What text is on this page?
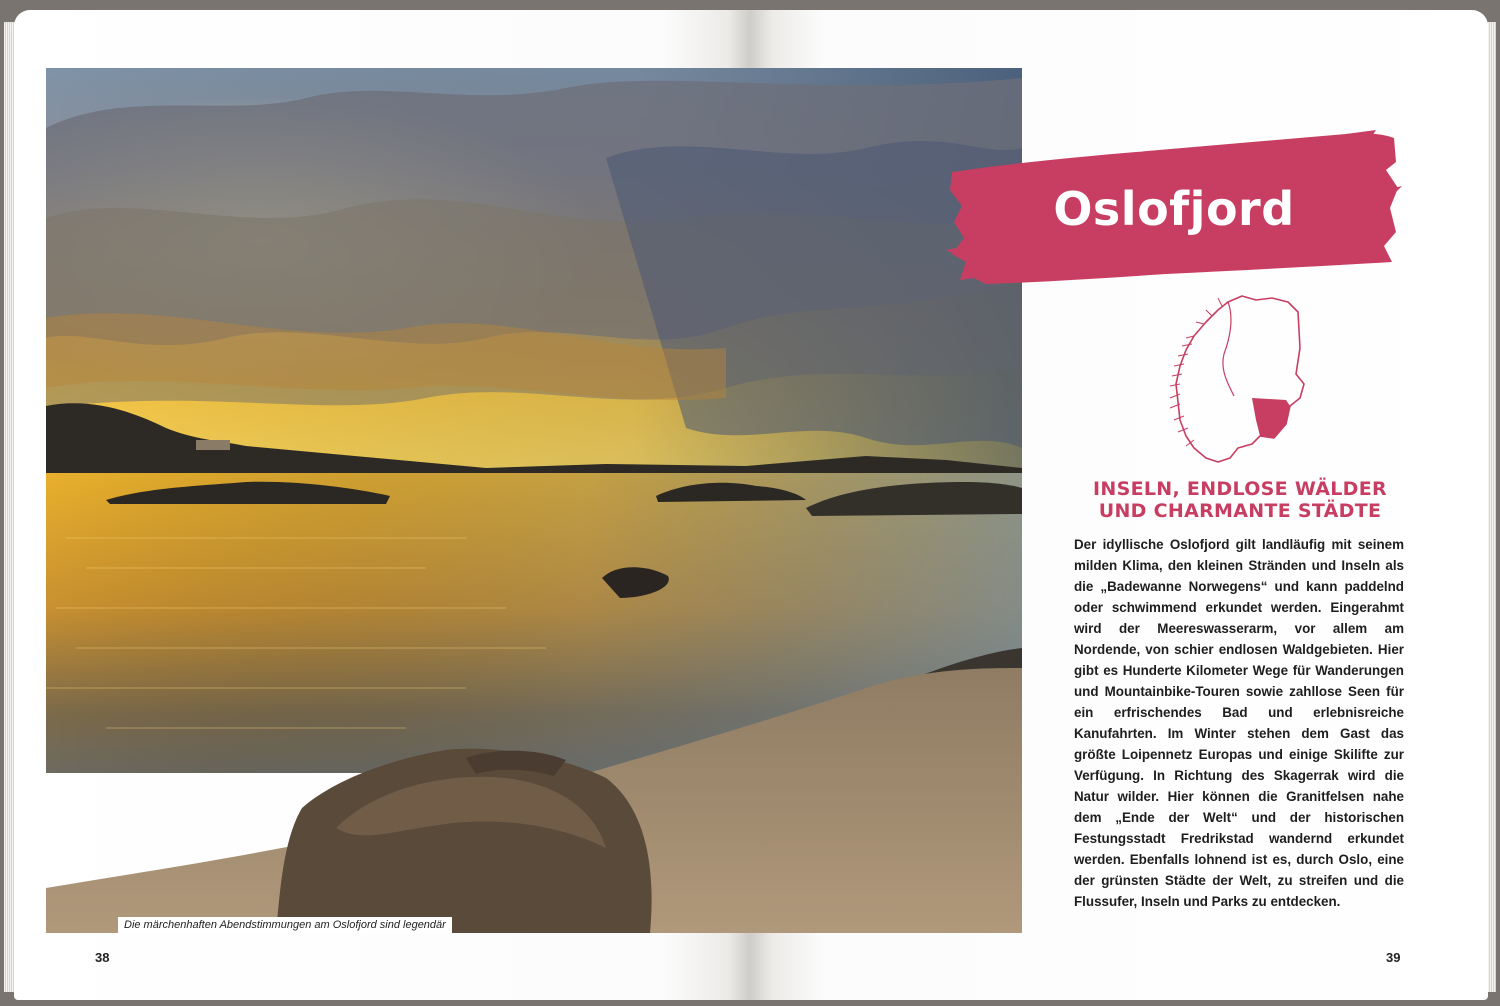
Die märchenhaften Abendstimmungen am Oslofjord sind legendär
38	39
Oslofjord
INSELN, ENDLOSE WÄLDER
UND CHARMANTE STÄDTE
Der idyllische Oslofjord gilt landläufig mit seinem milden Klima, den kleinen Stränden und Inseln als die „Badewanne Norwegens“ und kann paddelnd oder schwimmend erkundet werden. Eingerahmt wird der Meereswasserarm, vor allem am Nordende, von schier endlosen Waldgebieten. Hier gibt es Hunderte Kilometer Wege für Wanderungen und Mountainbike-Touren sowie zahllose Seen für ein erfrischendes Bad und erlebnisreiche Kanufahrten. Im Winter stehen dem Gast das größte Loipennetz Europas und einige Skilifte zur Verfügung. In Richtung des Skagerrak wird die Natur wilder. Hier können die Granitfelsen nahe dem „Ende der Welt“ und der historischen Festungsstadt Fredrikstad wandernd erkundet werden. Ebenfalls lohnend ist es, durch Oslo, eine der grünsten Städte der Welt, zu streifen und die Flussufer, Inseln und Parks zu entdecken.
